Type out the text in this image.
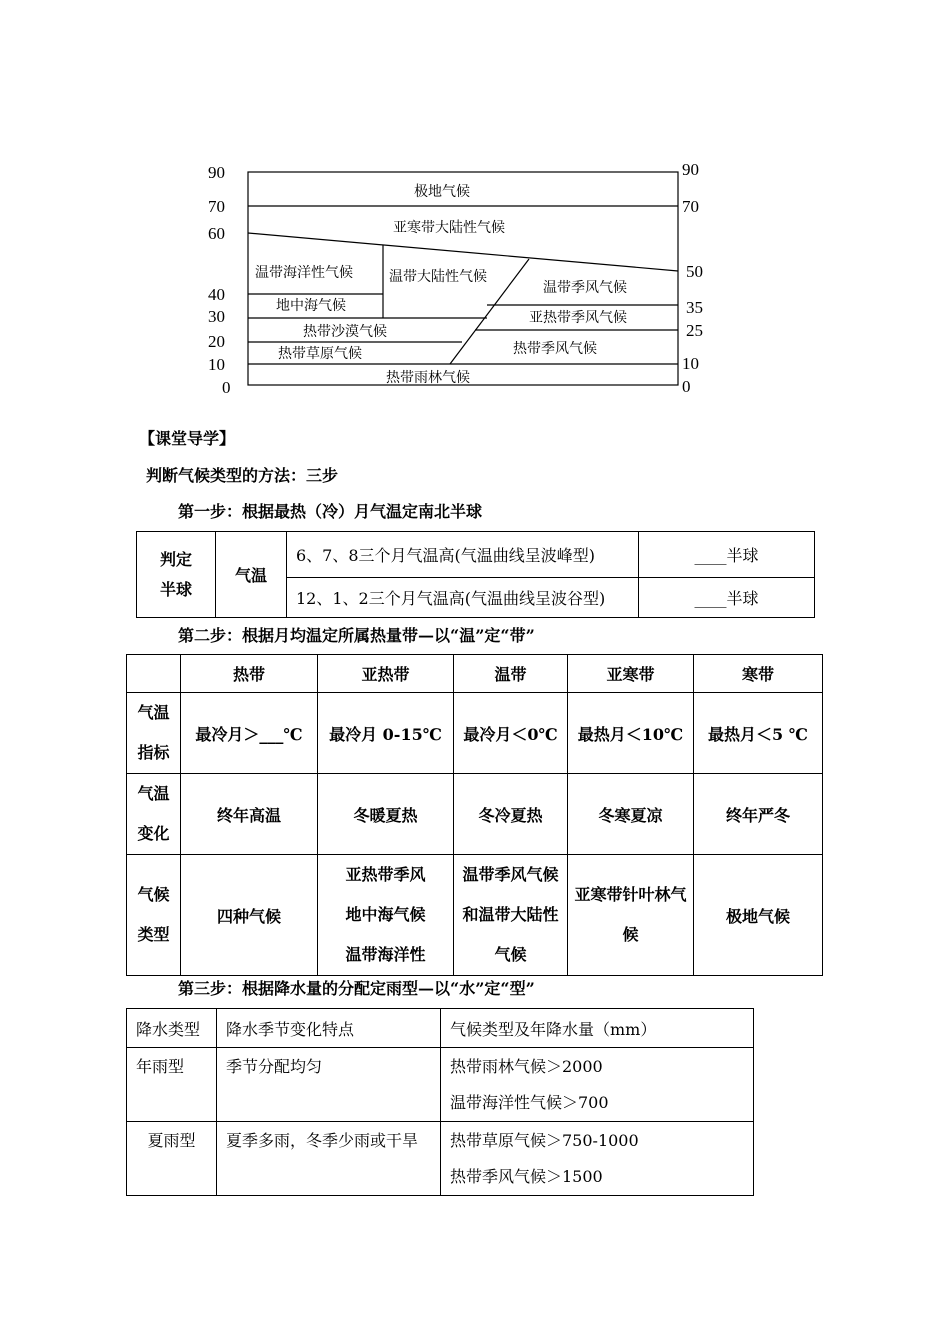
90
70
60
40
30
20
10
0
90
70
50
35
25
10
0
极地气候
亚寒带大陆性气候
温带海洋性气候	温带大陆性气候
温带季风气候
地中海气候
亚热带季风气候
热带沙漠气候
热带季风气候
热带草原气候
热带雨林气候
【课堂导学】
判断气候类型的方法：三步
第一步：根据最热（冷）月气温定南北半球
判定半球	气温	6、7、8三个月气温高(气温曲线呈波峰型)	____半球
		12、1、2三个月气温高(气温曲线呈波谷型)	____半球
第二步：根据月均温定所属热量带—以“温”定“带”
	热带	亚热带	温带	亚寒带	寒带
气温指标	最冷月＞___℃	最冷月 0-15℃	最冷月＜0℃	最热月＜10℃	最热月＜5 ℃
气温变化	终年高温	冬暖夏热	冬冷夏热	冬寒夏凉	终年严冬
气候类型	四种气候	亚热带季风 地中海气候 温带海洋性	温带季风气候和温带大陆性气候	亚寒带针叶林气候	极地气候
第三步：根据降水量的分配定雨型—以“水”定“型”
降水类型	降水季节变化特点	气候类型及年降水量（mm）
年雨型	季节分配均匀	热带雨林气候＞2000
温带海洋性气候＞700

夏雨型	夏季多雨，冬季少雨或干旱	热带草原气候＞750-1000
热带季风气候＞1500
